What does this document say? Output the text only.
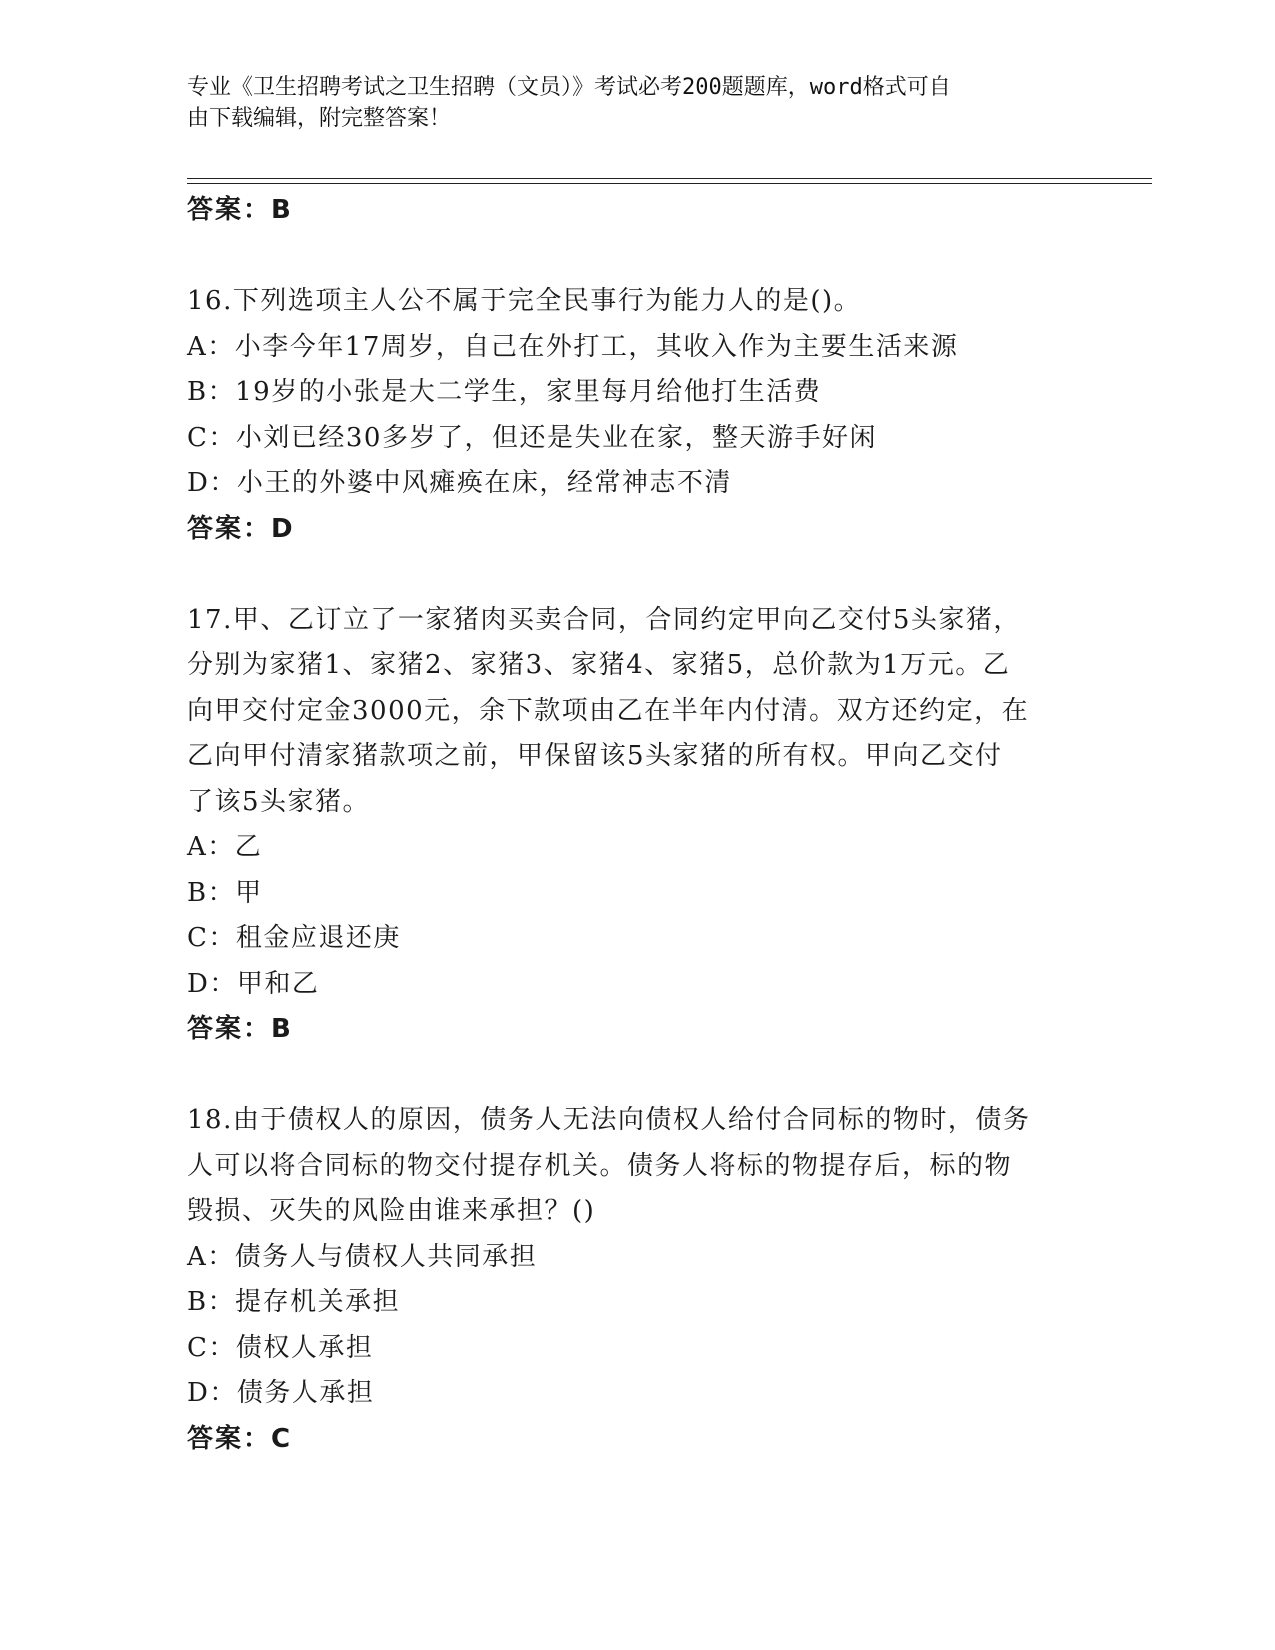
专业《卫生招聘考试之卫生招聘（文员）》考试必考200题题库，word格式可自
由下载编辑，附完整答案！
答案：B
16.下列选项主人公不属于完全民事行为能力人的是()。
A：小李今年17周岁，自己在外打工，其收入作为主要生活来源
B：19岁的小张是大二学生，家里每月给他打生活费
C：小刘已经30多岁了，但还是失业在家，整天游手好闲
D：小王的外婆中风瘫痪在床，经常神志不清
答案：D
17.甲、乙订立了一家猪肉买卖合同，合同约定甲向乙交付5头家猪，
分别为家猪1、家猪2、家猪3、家猪4、家猪5，总价款为1万元。乙
向甲交付定金3000元，余下款项由乙在半年内付清。双方还约定，在
乙向甲付清家猪款项之前，甲保留该5头家猪的所有权。甲向乙交付
了该5头家猪。
A：乙
B：甲
C：租金应退还庚
D：甲和乙
答案：B
18.由于债权人的原因，债务人无法向债权人给付合同标的物时，债务
人可以将合同标的物交付提存机关。债务人将标的物提存后，标的物
毁损、灭失的风险由谁来承担？()
A：债务人与债权人共同承担
B：提存机关承担
C：债权人承担
D：债务人承担
答案：C
